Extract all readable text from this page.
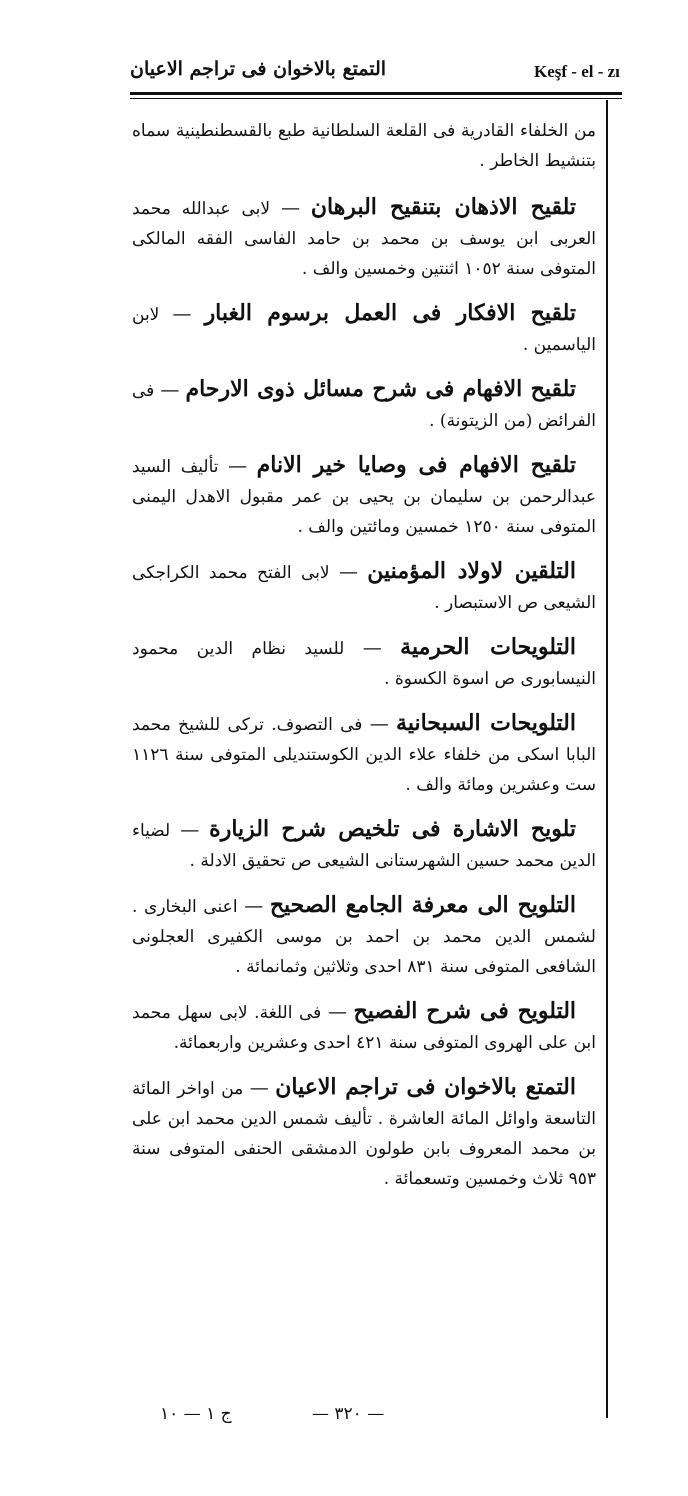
التمتع بالاخوان فى تراجم الاعيان	Keşf - el - zı

من الخلفاء القادرية فى القلعة السلطانية طبع بالقسطنطينية سماه بتنشيط الخاطر .

تلقيح الاذهان بتنقيح البرهان — لابى عبدالله محمد العربى ابن يوسف بن محمد بن حامد الفاسى الفقه المالكى المتوفى سنة ١٠٥٢ اثنتين وخمسين والف .

تلقيح الافكار فى العمل برسوم الغبار — لابن الياسمين .

تلقيح الافهام فى شرح مسائل ذوى الارحام — فى الفرائض (من الزيتونة) .

تلقيح الافهام فى وصايا خير الانام — تأليف السيد عبدالرحمن بن سليمان بن يحيى بن عمر مقبول الاهدل اليمنى المتوفى سنة ١٢٥٠ خمسين ومائتين والف .

التلقين لاولاد المؤمنين — لابى الفتح محمد الكراجكى الشيعى ص الاستبصار .

التلويحات الحرمية — للسيد نظام الدين محمود النيسابورى ص اسوة الكسوة .

التلويحات السبحانية — فى التصوف. تركى للشيخ محمد البابا اسكى من خلفاء علاء الدين الكوستنديلى المتوفى سنة ١١٢٦ ست وعشرين ومائة والف .

تلويح الاشارة فى تلخيص شرح الزيارة — لضياء الدين محمد حسين الشهرستانى الشيعى ص تحقيق الادلة .

التلويح الى معرفة الجامع الصحيح — اعنى البخارى . لشمس الدين محمد بن احمد بن موسى الكفيرى العجلونى الشافعى المتوفى سنة ٨٣١ احدى وثلاثين وثمانمائة .

التلويح فى شرح الفصيح — فى اللغة. لابى سهل محمد ابن على الهروى المتوفى سنة ٤٢١ احدى وعشرين واربعمائة.

التمتع بالاخوان فى تراجم الاعيان — من اواخر المائة التاسعة واوائل المائة العاشرة . تأليف شمس الدين محمد ابن على بن محمد المعروف بابن طولون الدمشقى الحنفى المتوفى سنة ٩٥٣ ثلاث وخمسين وتسعمائة .

— ٣٢٠ —
ج ١ — ١٠
